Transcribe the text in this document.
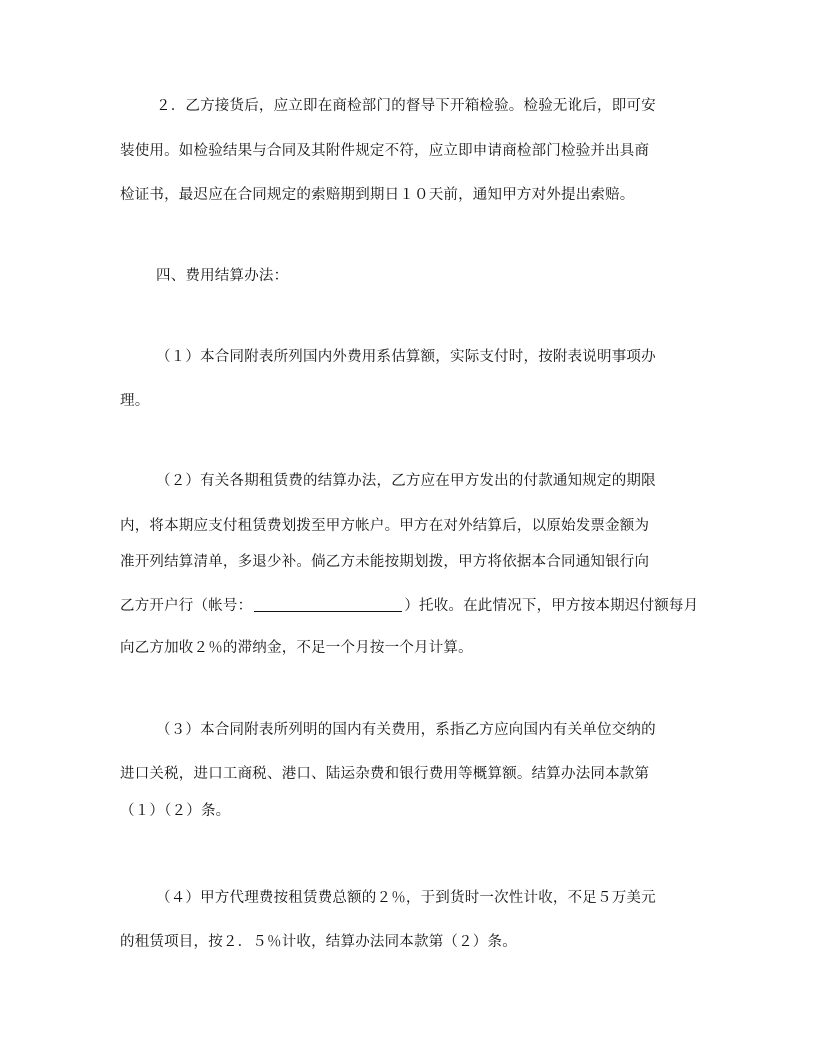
２．乙方接货后，应立即在商检部门的督导下开箱检验。检验无讹后，即可安
装使用。如检验结果与合同及其附件规定不符，应立即申请商检部门检验并出具商
检证书，最迟应在合同规定的索赔期到期日１０天前，通知甲方对外提出索赔。
四、费用结算办法：
（１）本合同附表所列国内外费用系估算额，实际支付时，按附表说明事项办
理。
（２）有关各期租赁费的结算办法，乙方应在甲方发出的付款通知规定的期限
内，将本期应支付租赁费划拨至甲方帐户。甲方在对外结算后，以原始发票金额为
准开列结算清单，多退少补。倘乙方未能按期划拨，甲方将依据本合同通知银行向
乙方开户行（帐号：	）托收。在此情况下，甲方按本期迟付额每月
向乙方加收２％的滞纳金，不足一个月按一个月计算。
（３）本合同附表所列明的国内有关费用，系指乙方应向国内有关单位交纳的
进口关税，进口工商税、港口、陆运杂费和银行费用等概算额。结算办法同本款第
（１）（２）条。
（４）甲方代理费按租赁费总额的２％，于到货时一次性计收，不足５万美元
的租赁项目，按２．５％计收，结算办法同本款第（２）条。
